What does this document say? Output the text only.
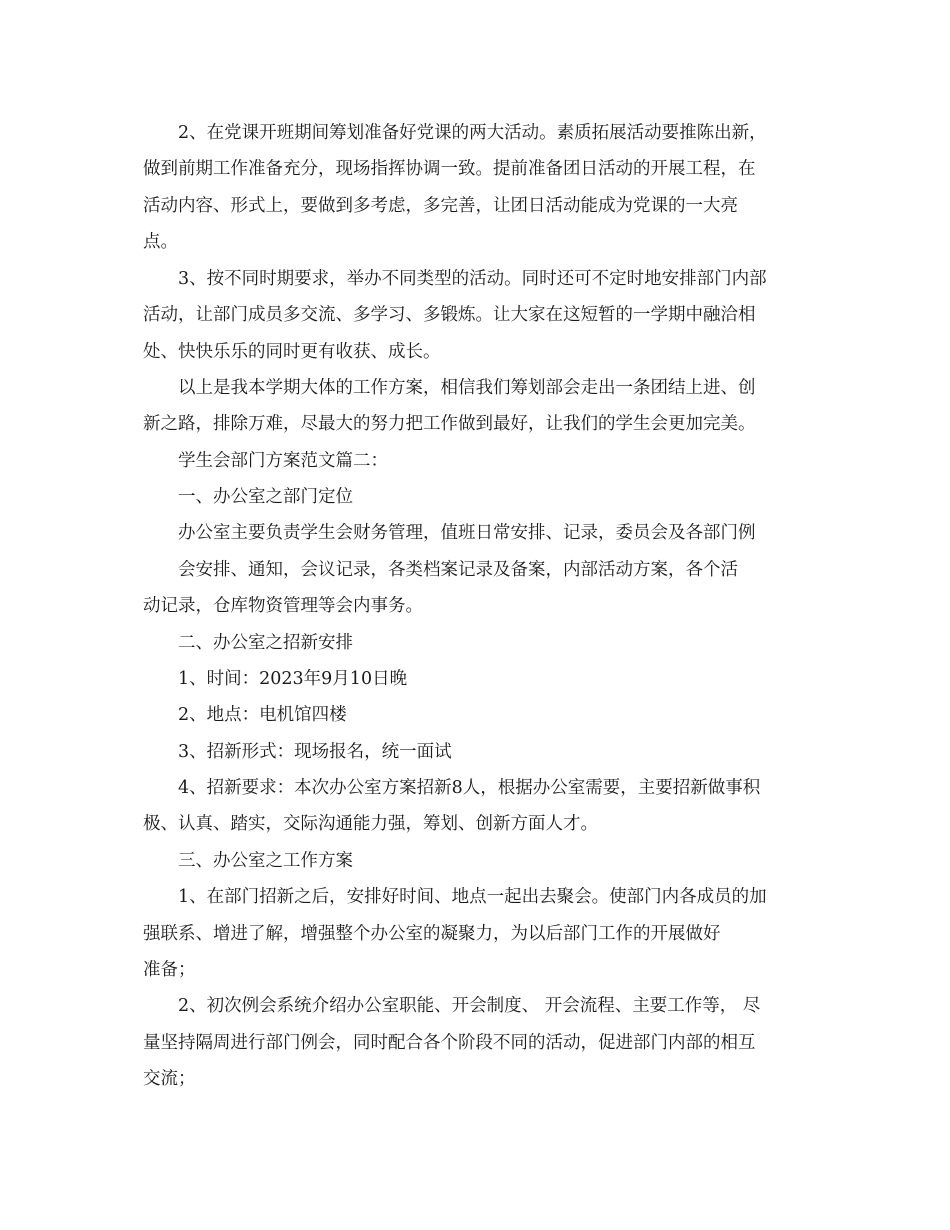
2、在党课开班期间筹划准备好党课的两大活动。素质拓展活动要推陈出新，
做到前期工作准备充分，现场指挥协调一致。提前准备团日活动的开展工程，在
活动内容、形式上，要做到多考虑，多完善，让团日活动能成为党课的一大亮
点。
3、按不同时期要求，举办不同类型的活动。同时还可不定时地安排部门内部
活动，让部门成员多交流、多学习、多锻炼。让大家在这短暂的一学期中融洽相
处、快快乐乐的同时更有收获、成长。
以上是我本学期大体的工作方案，相信我们筹划部会走出一条团结上进、创
新之路，排除万难，尽最大的努力把工作做到最好，让我们的学生会更加完美。
学生会部门方案范文篇二：
一、办公室之部门定位
办公室主要负责学生会财务管理，值班日常安排、记录，委员会及各部门例
会安排、通知，会议记录，各类档案记录及备案，内部活动方案，各个活
动记录，仓库物资管理等会内事务。
二、办公室之招新安排
1、时间：2023年9月10日晚
2、地点：电机馆四楼
3、招新形式：现场报名，统一面试
4、招新要求：本次办公室方案招新8人，根据办公室需要，主要招新做事积
极、认真、踏实，交际沟通能力强，筹划、创新方面人才。
三、办公室之工作方案
1、在部门招新之后，安排好时间、地点一起出去聚会。使部门内各成员的加
强联系、增进了解，增强整个办公室的凝聚力，为以后部门工作的开展做好
准备；
2、初次例会系统介绍办公室职能、开会制度、 开会流程、主要工作等， 尽
量坚持隔周进行部门例会，同时配合各个阶段不同的活动，促进部门内部的相互
交流；
